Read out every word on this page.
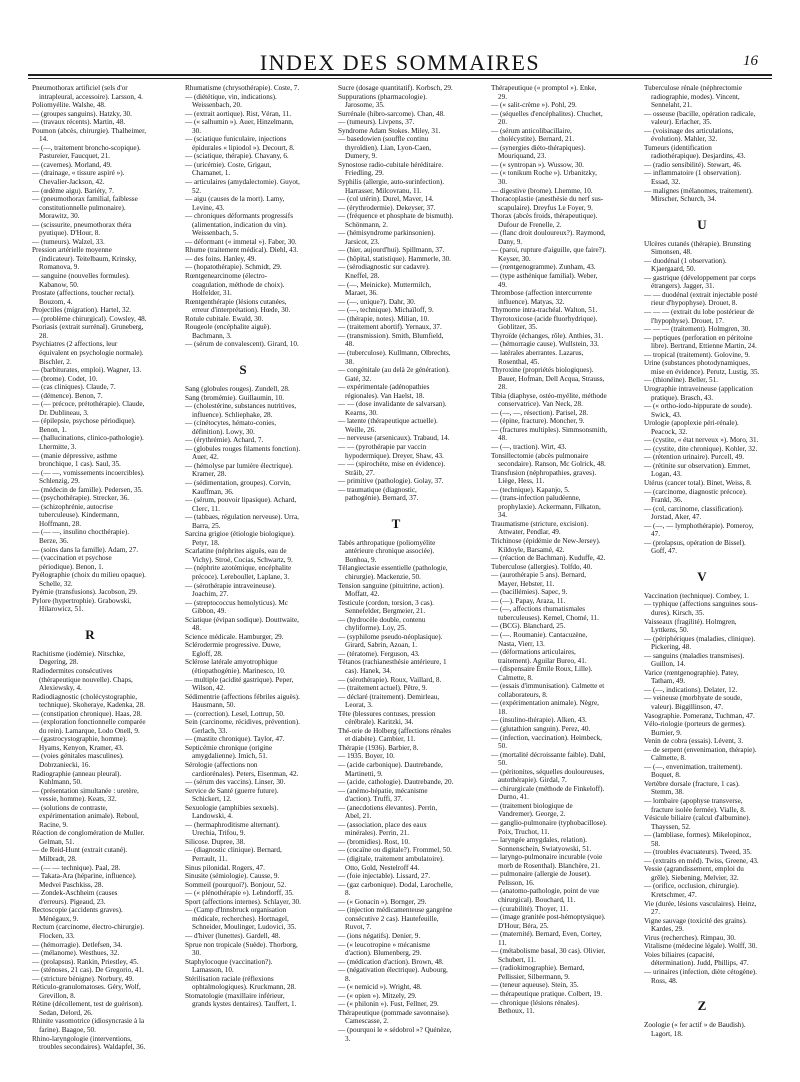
INDEX DES SOMMAIRES	16

Pneumothorax artificiel (sels d'or intrapleural, accessoire). Larsson, 4.

Poliomyélite. Walshe, 48.

— (groupes sanguins). Hatzky, 30.

— (travaux récents). Martin, 48.

Poumon (abcès, chirurgie). Thalheimer, 14.

— (—, traitement broncho-scopique). Pastureier, Faucquet, 21.

— (cavernes). Morland, 49.

— (drainage, « tissure aspiré »). Chevalier-Jackson, 42.

— (œdème aigu). Bariéty, 7.

— (pneumothorax familial, faiblesse constitutionnelle pulmonaire). Morawitz, 30.

— (scissurite, pneumothorax théra pyutique). D'Hour, 8.

— (tumeurs). Walzel, 33.

Pression artérielle moyenne (indicateur). Teitelbaum, Krinsky, Romanova, 9.

— sanguine (nouvelles formules). Kabanow, 50.

Prostate (affections, toucher rectal). Bouzom, 4.

Projectiles (migration). Hartel, 32.

— (problème chirurgical). Cowsley, 48.

Psoriasis (extrait surrénal). Gruneberg, 28.

Psychiatres (2 affections, leur équivalent en psychologie normale). Bischler, 2.

— (barbiturates, emploi). Wagner, 13.

— (brome). Codet, 10.

— (cas cliniques). Claude, 7.

— (démence). Benon, 7.

— (— précoce, prétothérapie). Claude, Dr. Dublineau, 3.

— (épilepsie, psychose périodique). Benon, 1.

— (hallucinations, clinico-pathologie). Lhermitte, 3.

— (manie dépressive, asthme bronchique, 1 cas). Saul, 35.

— (— —, vomissements incoercibles). Schlenzig, 29.

— (médecin de famille). Pedersen, 35.

— (psychothérapie). Strecker, 36.

— (schizophrénie, autocrise tuberculeuse). Kindermann, Hoffmann, 28.

— (— —, insulino chocthérapie). Berze, 36.

— (soins dans la famille). Adam, 27.

— (vaccination et psychose périodique). Benon, 1.

Pyélographie (choix du milieu opaque). Schelle, 32.

Pyémie (transfusions). Jacobson, 29.

Pylore (hypertrophie). Grabowski, Hilarowicz, 51.

R

Rachitisme (iodémie). Nitschke, Degering, 28.

Radiodermites consécutives (thérapeutique nouvelle). Chaps, Alexiewsky, 4.

Radiodiagnostic (cholécystographie, technique). Skoheraye, Kadenka, 28.

— (constipation chronique). Haas, 28.

— (exploration fonctionnelle comparée du rein). Lamarque, Lodo Onell, 9.

— (gastrocystographie, homme). Hyams, Kenyon, Kramer, 43.

— (voies génitales masculines). Dobrzaniecki, 16.

Radiographie (anneau pleural). Kuhlmann, 50.

— (présentation simultanée : uretère, vessie, homme). Keats, 32.

— (solutions de contraste, expérimentation animale). Reboul, Racine, 9.

Réaction de conglomération de Muller. Gelman, 51.

— de Reid-Hunt (extrait cutané). Milbradt, 28.

— (— — technique). Paal, 28.

— Takata-Ara (héparine, influence). Medvei Paschkiss, 28.

— Zondek-Aschheim (causes d'erreurs). Pigeaud, 23.

Rectoscopie (accidents graves). Ménégaux, 9.

Rectum (carcinome, électro-chirurgie). Flocken, 33.

— (hémorragie). Detlefsen, 34.

— (mélanome). Westhues, 32.

— (prolapsus). Rankin, Priestley, 45.

— (sténoses, 21 cas). De Gregorio, 41.

— (stricture bénigne). Norbury, 49.

Réticulo-granulomatoses. Géry, Wolf, Grevillon, 8.

Rétine (décollement, test de guérison). Sedan, Delord, 26.

Rhinite vasomotrice (idiosyncrasie à la farine). Baagoe, 50.

Rhino-laryngologie (interventions, troubles secondaires). Waldapfel, 36.

Rhumatisme (chrysothérapie). Coste, 7.

— (diététique, vin, indications). Weissenbach, 20.

— (extrait aortique). Rist, Véran, 11.

— (« salhumin »). Auer, Hinzelmann, 30.

— (sciatique funiculaire, injections épidurales « lipiodol »). Decourt, 8.

— (sciatique, thérapie). Chavany, 6.

— (uricémie). Coste, Grigaut, Chamanet, 1.

— articulaires (amydalectomie). Guyot, 52.

— aigu (causes de la mort). Lamy, Levine, 43.

— chroniques déformants progressifs (alimentation, indication du vin). Weissenbach, 5.

— déformant (« immetal »). Faber, 30.

Rhume (traitement médical). Diehl, 43.

— des foins. Hanley, 49.

— (hopatothérapie). Schmidt, 29.

Rœntgenearcinome (électro-coagulation, méthode de choix). Holfelder, 31.

Rœntgenthérapie (lésions cutanées, erreur d'interprétation). Hœde, 30.

Rotule cubitale. Ewald, 30.

Rougeole (encéphalite aiguë). Bachmann, 3.

— (sérum de convalescent). Girard, 10.

S

Sang (globules rouges). Zundell, 28.

Sang (bromémie). Guillaumin, 10.

— (cholestérine, substances nutritives, influence). Schliephake, 28.

— (cinétocytes, hémato-conies, définition). Lowy, 30.

— (érythrémie). Achard, 7.

— (globules rouges filaments fonction). Auer, 42.

— (hémolyse par lumière électrique). Kramer, 28.

— (sédimentation, groupes). Corvin, Kauffman, 36.

— (sérum, pouvoir lipasique). Achard, Clerc, 11.

— (tabbaes, régulation nerveuse). Urra, Barra, 25.

Sarcina grigioe (étiologie biologique). Petyr, 18.

Scarlatine (néphrites aiguës, eau de Vichy). Stroé, Cocias, Schwartz, 9.

— (néphrite azotémique, encéphalite précoce). Lereboullet, Laplane, 3.

— (sérothérapie intraveineuse). Joachim, 27.

— (streptococcus hemolyticus). Mc Gibbon, 49.

Sciatique (évipan sodique). Douttwaite, 48.

Science médicale. Hamburger, 29.

Sclérodermie progressive. Duwe, Egloff, 28.

Sclérose latérale amyotrophique (étiopathogénie). Marinesco, 10.

— multiple (acidité gastrique). Peper, Wilson, 42.

Sédimentrie (affections fébriles aiguës). Hausmann, 50.

— (correction). Lesel, Lottrup, 50.

Sein (carcinome, récidives, prévention). Gerlach, 33.

— (mastite chronique). Taylor, 47.

Septicémie chronique (origine amygdalienne). Imich, 51.

Sérologie (affections non cardiorénales). Peters, Eisenman, 42.

— (sérum des vaccins). Linser, 30.

Service de Santé (guerre future). Schickert, 12.

Sexuologie (amphibies sexuels). Landowski, 4.

— (hermaphroditisme alternant). Urechia, Trifou, 9.

Silicose. Dupree, 38.

— (diagnostic clinique). Bernard, Perrault, 11.

Sinus pilonidal. Rogers, 47.

Sinusite (sémiologie). Causse, 9.

Sommeil (pourquoi?). Bonjour, 52.

— (« plénothérapie »). Lehndorff, 35.

Sport (affections internes). Schlayer, 30.

— (Camp d'Innsbruck organisation médicale, recherches). Hortnagel, Schneider, Moulinger, Ludovici, 35.

— d'hiver (lunettes). Gardell, 48.

Sprue non tropicale (Suède). Thorborg, 30.

Staphylocoque (vaccination?). Lamasson, 10.

Stérilisation raciale (réflexions ophtalmologiques). Kruckmann, 28.

Stomatologie (maxillaire inférieur, grands kystes dentaires). Tauffert, 1.

Sucre (dosage quantitatif). Korbsch, 29.

Suppurations (pharmacologie). Jarosome, 35.

Surrénale (hibro-sarcome). Chan, 48.

— (tumeurs). Livpens, 37.

Syndrome Adam Stokes. Miley, 31.

— basedowien (souffle continu thyroïdien). Lian, Lyon-Caen, Dumery, 9.

Synostose radio-cubitale héréditaire. Friedling, 29.

Syphilis (allergie, auto-surinfection). Harrasser, Milcovranu, 11.

— (col utérin). Durel, Maver, 14.

— (érythrodermie). Dekeyser, 37.

— (fréquence et phosphate de bismuth). Schönmann, 2.

— (hémisyndrome parkinsonien). Jarsicot, 23.

— (hier, aujourd'hui). Spillmann, 37.

— (hôpital, statistique). Hammerle, 30.

— (sérodiagnostic sur cadavre). Kneffel, 28.

— (—, Meinicke). Muttermilch, Maraet, 36.

— (—, unique?). Dahr, 30.

— (—, technique). Michaïloff, 9.

— (thérapie, notes). Milian, 10.

— (traitement abortif). Yernaux, 37.

— (transmission). Smith, Blumfield, 48.

— (tuberculose). Kullmann, Olbrechts, 38.

— congénitale (au delà 2e génération). Gaté, 32.

— expérimentale (adénopathies régionales). Van Haelst, 18.

— — (dose invalidante de salvarsan). Kearns, 30.

— latente (thérapeutique actuelle). Weille, 26.

— nerveuse (arsenicaux). Trabaud, 14.

— — (pyrothérapie par vaccin hypodermique). Dreyer, Shaw, 43.

— — (spirochète, mise en évidence). Sträib, 27.

— primitive (pathologie). Golay, 37.

— traumatique (diagnostic, pathogénie). Bernard, 37.

T

Tabès arthropatique (poliomyélite antérieure chronique associée). Bonhoa, 9.

Télangiectasie essentielle (pathologie, chirurgie). Mackenzie, 50.

Tension sanguine (pituitrine, action). Moffatt, 42.

Testicule (cordon, torsion, 3 cas). Sennefelder, Bergmeier, 21.

— (hydrocèle double, contenu chyliforme). Loy, 25.

— (syphilome pseudo-néoplasique). Girard, Sabrin, Azoan, 1.

— (tératome). Ferguson, 43.

Tétanos (rachianesthésie antérieure, 1 cas). Hanek, 34.

— (sérothérapie). Roux, Vaillard, 8.

— (traitement actuel). Pêtre, 9.

— déclaré (traitement). Demirleau, Leorat, 3.

Tête (blessures contuses, pression cérébrale). Karitzki, 34.

Thé-orie de Holberg (affections rénales et diabète). Cambier, 11.

Thérapie (1936). Barbier, 8.

— 1935. Boyer, 10.

— (acide carbonique). Dautrebande, Martinetti, 9.

— (acide, cathologie). Dautrebande, 20.

— (anémo-hépatie, mécanisme d'action). Truffi, 37.

— (anecdotiens élevantes). Perrin, Abel, 21.

— (association, place des eaux minérales). Perrin, 21.

— (bromidies). Rost, 10.

— (cocaïne ou digitale?). Frommel, 50.

— (digitale, traitement ambulatoire). Otto, Gold, Nestelroff 44.

— (foie injectable). Lissard, 27.

— (gaz carbonique). Dodal, Larochelle, 8.

— (« Gonacin »). Bornger, 29.

— (injection médicamenteuse gangrène consécutive 2 cas). Hautefeuille, Ruvot, 7.

— (ions négatifs). Denier, 9.

— (« leucotropine » mécanisme d'action). Blumenberg, 29.

— (médication d'action). Brown, 48.

— (négativation électrique). Aubourg, 8.

— (« nemicid »). Wright, 48.

— (« opien »). Mitzely, 29.

— (« philonin »). Fust, Fellner, 29.

Thérapeutique (pommade savonnaise). Camescasse, 2.

— (pourquoi le « sédobrol »? Quénèze, 3.

Thérapeutique (« promptol »). Enke, 29.

— (« salit-crème »). Pohl, 29.

— (séquelles d'encéphalites). Chuchet, 20.

— (sérum anticolibacillaire, cholécystite). Bernard, 21.

— (synergies diéto-thérapiques). Mouriquand, 23.

— (« syntropan »). Wussow, 30.

— (« tonikum Roche »). Urbanitzky, 30.

— digestive (brome). Lhemme, 10.

Thoracoplastie (anesthésie du nerf sus-scapulaire). Dreyfus Le Foyer, 9.

Thorax (abcès froids, thérapeutique). Dufour de Frenelle, 2.

— (flanc droit douloureux?). Raymond, Dany, 9.

— (paroi, rupture d'aiguille, que faire?). Keyser, 30.

— (rœntgenogramme). Zunham, 43.

— (type asthénique familial). Weber, 49.

Thrombose (affection intercurrente influence). Matyas, 32.

Thymome intra-trachéal. Walton, 51.

Thyrotoxicose (acide fluorhydrique). Goblitzer, 35.

Thyroïde (échanges, rôle). Anthies, 31.

— (hémorragie cause). Wullstein, 33.

— latérales aberrantes. Lazarus, Rosenthal, 45.

Thyroxine (propriétés biologiques). Bauer, Hofman, Dell Acqua, Strauss, 28.

Tibia (diaphyse, ostéo-myélite, méthode conservatrice). Van Neck, 28.

— (—, —, résection). Parisel, 28.

— (épine, fracture). Moncher, 9.

— (fractures multiples). Simmsonsmith, 48.

— (—, traction). Wirt, 43.

Tonsillectomie (abcès pulmonaire secondaire). Ranson, Mc Golrick, 48.

Transfusion (néphropathies, graves). Liège, Hess, 11.

— (technique). Kapanjo, 5.

— (trans-infection paludéenne, prophylaxie). Ackermann, Filkaton, 34.

Traumatisme (stricture, excision). Attwater, Pendlar, 49.

Trichinose (épidémie de New-Jersey). Kildoyle, Barsamé, 42.

— (réaction de Bachman). Kuduffe, 42.

Tuberculose (allergies). Tolfdo, 40.

— (aurothérapie 5 ans). Bernard, Mayer, Hebster, 11.

— (bacillémies). Sapec, 9.

— (—). Papay, Araza, 11.

— (—, affections rhumatismales tuberculeuses). Kemel, Chomé, 11.

— (BCG). Blanchard, 25.

— (—. Roumanie). Cantacuzène, Nasta, Vierr, 13.

— (déformations articulaires, traitement). Aguilar Bureo, 41.

— (dispensaire Émile Roux, Lille). Calmette, 8.

— (essais d'immunisation). Calmette et collaborateurs, 8.

— (expérimentation animale). Nègre, 18.

— (insulino-thérapie). Alken, 43.

— (glutathion sanguin). Perez, 40.

— (infection, vaccination). Heimbeck, 50.

— (mortalité décroissante faible). Dahl, 50.

— (péritonites, séquelles douloureuses, autothérapie). Girdal, 7.

— chirurgicale (méthode de Finkeloff). Durno, 41.

— (traitement biologique de Vandremer). George, 2.

— ganglio-pulmonaire (typhobacillose). Poix, Truchot, 11.

— laryngée amygdales, relation). Sonnenschein, Swiatyowski, 51.

— laryngo-pulmonaire incurable (voie morb de Rosenthal). Blanchère, 21.

— pulmonaire (allergie de Jouset). Pelisson, 16.

— (anatomo-pathologie, point de vue chirurgical). Bouchard, 11.

— (curabilité). Thoyer, 11.

— (image granitée post-hémoptysique). D'Hour, Béra, 25.

— (maternité). Bernard, Even, Cortey, 11.

— (métabolisme basal, 30 cas). Olivier, Schubert, 11.

— (radiokimographie). Bernard, Pellissier, Silbermann, 9.

— (teneur aqueuse). Stein, 35.

— thérapeutique pratique. Colbert, 19.

— chronique (lésions rénales). Bethoux, 11.

Tuberculose rénale (néphrectomie radiographie, modes). Vincent, Sennelaht, 21.

— osseuse (bacille, opération radicale, valeur). Erlacher, 35.

— (voisinage des articulations, évolution). Mahler, 32.

Tumeurs (identification radiothérapique). Desjardins, 43.

— (radio sensibilité). Stewart, 46.

— inflammatoire (1 observation). Essad, 32.

— malignes (mélanomes, traitement). Mirscher, Schurch, 34.

U

Ulcères cutanés (thérapie). Brunsting Simonsen, 48.

— duodénal (1 observation). Kjaergaard, 50.

— gastrique (développement par corps étrangers). Jagger, 31.

— — duodénal (extrait injectable posté rieur d'hypophyse). Drouet, 8.

— — — (extrait du lobe postérieur de l'hypophyse). Drouet, 17.

— — — (traitement). Holmgren, 30.

— peptiques (perforation en péritoine libre). Bertrand, Ettienne Martin, 24.

— tropical (traitement). Golovine, 9.

Urine (substances photodynamiques, mise en évidence). Perutz, Lustig, 35.

— (thionéine). Beller, 51.

Urographie intraveineuse (application pratique). Brasch, 43.

— (« ortho-iodo-hippurate de soude). Swick, 43.

Urologie (apoplexie péri-rénale). Peacock, 32.

— (cystite, « état nerveux »). Moro, 31.

— (cystite, dite chronique). Kohler, 32.

— (rétention urinaire). Purcell, 49.

— (rétinite sur observation). Emmet, Logan, 43.

Utérus (cancer total). Binet, Weiss, 8.

— (carcinome, diagnostic précoce). Frankl, 36.

— (col, carcinome, classification). Jorstad, Aker, 47.

— (—, — lymphothérapie). Pomeroy, 47.

— (prolapsus, opération de Bissel). Goff, 47.

V

Vaccination (technique). Combey, 1.

— typhique (affections sanguines sous-dures). Kirsch, 35.

Vaisseaux (fragilité). Holmgren, Lyttkens, 50.

— (périphériques (maladies, clinique). Pickering, 48.

— sanguins (maladies transmises). Guillon, 14.

Varice (rœntgenographie). Patey, Tatham, 49.

— (—, indications). Delater, 12.

— veineuse (morbhyate de soude, valeur). Biggillinson, 47.

Vasographie. Pomeranz, Tuchman, 47.

Vélo-riologie (porteurs de germes). Burnier, 9.

Venin de cobra (essais). Lévent, 3.

— de serpent (envenimation, thérapie). Calmette, 8.

— (—, envenimation, traitement). Boquet, 8.

Vertèbre dorsale (fracture, 1 cas). Stemm, 38.

— lombaire (apophyse transverse, fracture isolée fermée). Vialle, 8.

Vésicule biliaire (calcul d'albumine). Thayssen, 52.

— (lambliase, formes). Mikelopinoz, 58.

— (troubles évacuateurs). Tweed, 35.

— (extraits en méd). Twiss, Greene, 43.

Vessie (agrandissement, emploi du grêle). Siebening, Melvier, 32.

— (orifice, occlusion, chirurgie). Kretschmer, 47.

Vie (durée, lésions vasculaires). Heinz, 27.

Vigne sauvage (toxicité des grains). Kardes, 29.

Virus (recherches). Rimpau, 30.

Vitalisme (médecine légale). Wolff, 30.

Voies biliaires (capacité, détermination). Judd, Phillips, 47.

— urinaires (infection, diète cétogène). Ross, 48.

Z

Zoologie (« fer actif » de Baudish). Lagort, 18.
